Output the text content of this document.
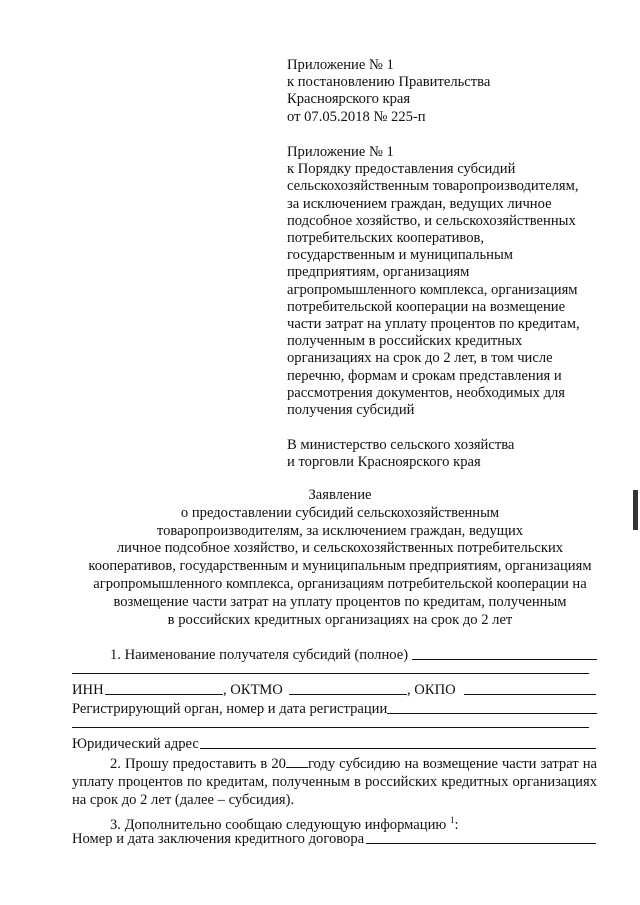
Приложение № 1
к постановлению Правительства
Красноярского края
от 07.05.2018 № 225-п
Приложение № 1
к Порядку предоставления субсидий
сельскохозяйственным товаропроизводителям,
за исключением граждан, ведущих личное
подсобное хозяйство, и сельскохозяйственных
потребительских кооперативов,
государственным и муниципальным
предприятиям, организациям
агропромышленного комплекса, организациям
потребительской кооперации на возмещение
части затрат на уплату процентов по кредитам,
полученным в российских кредитных
организациях на срок до 2 лет, в том числе
перечню, формам и срокам представления и
рассмотрения документов, необходимых для
получения субсидий
В министерство сельского хозяйства
и торговли Красноярского края
Заявление
о предоставлении субсидий сельскохозяйственным
товаропроизводителям, за исключением граждан, ведущих
личное подсобное хозяйство, и сельскохозяйственных потребительских
кооперативов, государственным и муниципальным предприятиям, организациям
агропромышленного комплекса, организациям потребительской кооперации на
возмещение части затрат на уплату процентов по кредитам, полученным
в российских кредитных организациях на срок до 2 лет
1. Наименование получателя субсидий (полное)
ИНН	, ОКТМО	, ОКПО
Регистрирующий орган, номер и дата регистрации
Юридический адрес
2. Прошу предоставить в 20 году субсидию на возмещение части затрат на уплату процентов по кредитам, полученным в российских кредитных организациях на срок до 2 лет (далее – субсидия).
3. Дополнительно сообщаю следующую информацию $^1$:
Номер и дата заключения кредитного договора
